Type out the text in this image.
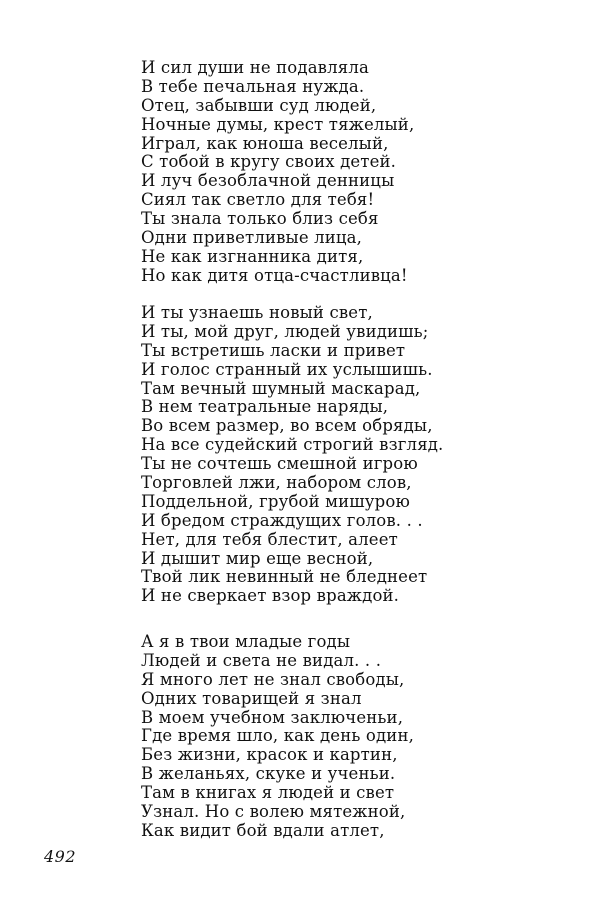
И сил души не подавляла
В тебе печальная нужда.
Отец, забывши суд людей,
Ночные думы, крест тяжелый,
Играл, как юноша веселый,
С тобой в кругу своих детей.
И луч безоблачной денницы
Сиял так светло для тебя!
Ты знала только близ себя
Одни приветливые лица,
Не как изгнанника дитя,
Но как дитя отца-счастливца!
И ты узнаешь новый свет,
И ты, мой друг, людей увидишь;
Ты встретишь ласки и привет
И голос странный их услышишь.
Там вечный шумный маскарад,
В нем театральные наряды,
Во всем размер, во всем обряды,
На все судейский строгий взгляд.
Ты не сочтешь смешной игрою
Торговлей лжи, набором слов,
Поддельной, грубой мишурою
И бредом страждущих голов. . .
Нет, для тебя блестит, алеет
И дышит мир еще весной,
Твой лик невинный не бледнеет
И не сверкает взор враждой.
А я в твои младые годы
Людей и света не видал. . .
Я много лет не знал свободы,
Одних товарищей я знал
В моем учебном заключеньи,
Где время шло, как день один,
Без жизни, красок и картин,
В желаньях, скуке и ученьи.
Там в книгах я людей и свет
Узнал. Но с волею мятежной,
Как видит бой вдали атлет,
492
